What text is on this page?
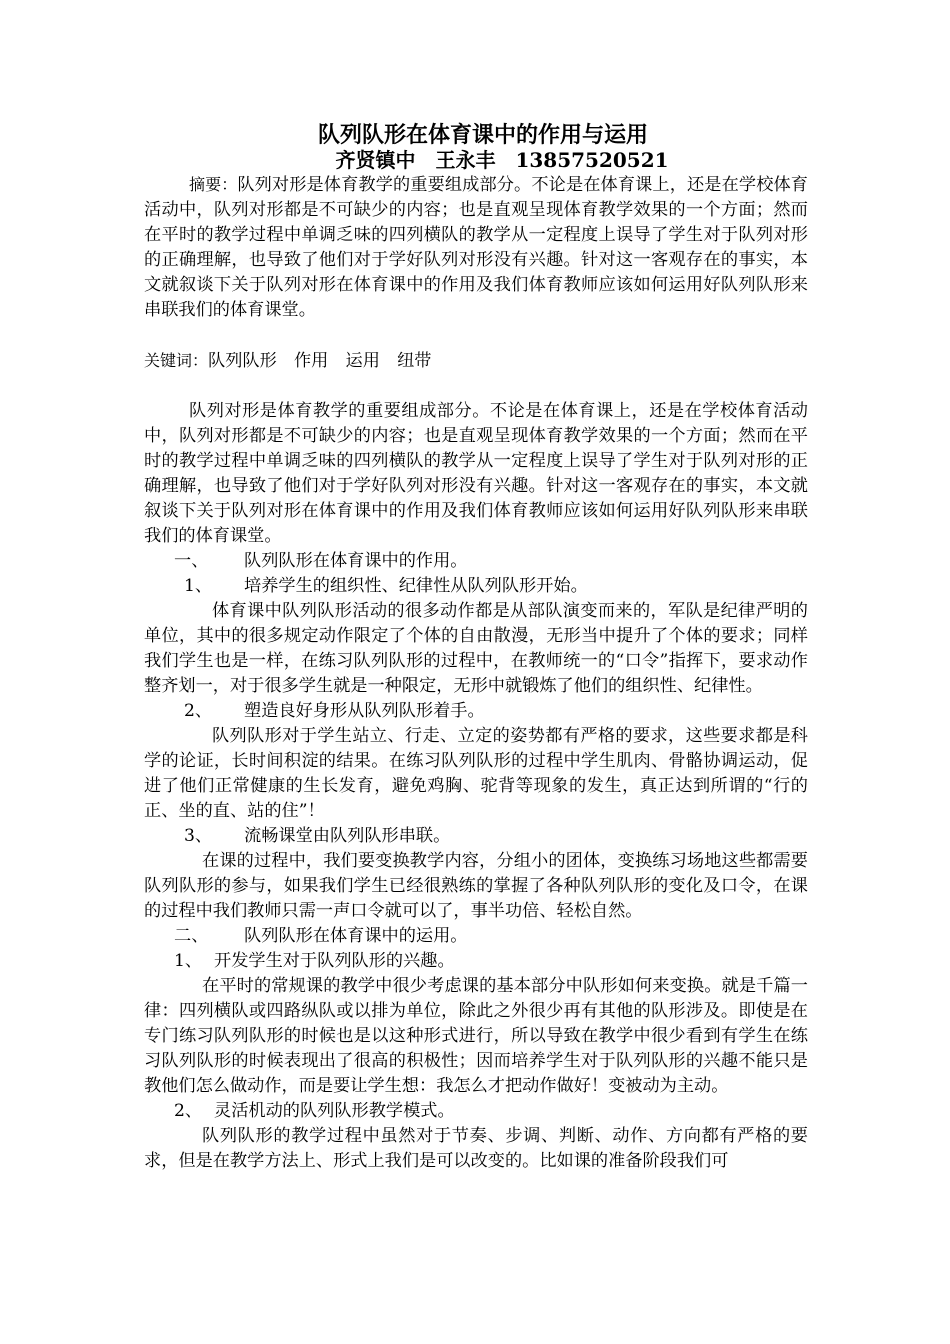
队列队形在体育课中的作用与运用
齐贤镇中　王永丰　13857520521

摘要：队列对形是体育教学的重要组成部分。不论是在体育课上，还是在学校体育活动中，队列对形都是不可缺少的内容；也是直观呈现体育教学效果的一个方面；然而在平时的教学过程中单调乏味的四列横队的教学从一定程度上误导了学生对于队列对形的正确理解，也导致了他们对于学好队列对形没有兴趣。针对这一客观存在的事实，本文就叙谈下关于队列对形在体育课中的作用及我们体育教师应该如何运用好队列队形来串联我们的体育课堂。

关键词：队列队形　作用　运用　纽带

队列对形是体育教学的重要组成部分。不论是在体育课上，还是在学校体育活动中，队列对形都是不可缺少的内容；也是直观呈现体育教学效果的一个方面；然而在平时的教学过程中单调乏味的四列横队的教学从一定程度上误导了学生对于队列对形的正确理解，也导致了他们对于学好队列对形没有兴趣。针对这一客观存在的事实，本文就叙谈下关于队列对形在体育课中的作用及我们体育教师应该如何运用好队列队形来串联我们的体育课堂。

一、 队列队形在体育课中的作用。

1、 培养学生的组织性、纪律性从队列队形开始。

体育课中队列队形活动的很多动作都是从部队演变而来的，军队是纪律严明的单位，其中的很多规定动作限定了个体的自由散漫，无形当中提升了个体的要求；同样我们学生也是一样，在练习队列队形的过程中，在教师统一的“口令”指挥下，要求动作整齐划一，对于很多学生就是一种限定，无形中就锻炼了他们的组织性、纪律性。

2、 塑造良好身形从队列队形着手。

队列队形对于学生站立、行走、立定的姿势都有严格的要求，这些要求都是科学的论证，长时间积淀的结果。在练习队列队形的过程中学生肌肉、骨骼协调运动，促进了他们正常健康的生长发育，避免鸡胸、驼背等现象的发生，真正达到所谓的“行的正、坐的直、站的住”！

3、 流畅课堂由队列队形串联。

在课的过程中，我们要变换教学内容，分组小的团体，变换练习场地这些都需要队列队形的参与，如果我们学生已经很熟练的掌握了各种队列队形的变化及口令，在课的过程中我们教师只需一声口令就可以了，事半功倍、轻松自然。

二、 队列队形在体育课中的运用。

1、 开发学生对于队列队形的兴趣。

在平时的常规课的教学中很少考虑课的基本部分中队形如何来变换。就是千篇一律：四列横队或四路纵队或以排为单位，除此之外很少再有其他的队形涉及。即使是在专门练习队列队形的时候也是以这种形式进行，所以导致在教学中很少看到有学生在练习队列队形的时候表现出了很高的积极性；因而培养学生对于队列队形的兴趣不能只是教他们怎么做动作，而是要让学生想：我怎么才把动作做好！变被动为主动。

2、 灵活机动的队列队形教学模式。

队列队形的教学过程中虽然对于节奏、步调、判断、动作、方向都有严格的要求，但是在教学方法上、形式上我们是可以改变的。比如课的准备阶段我们可
